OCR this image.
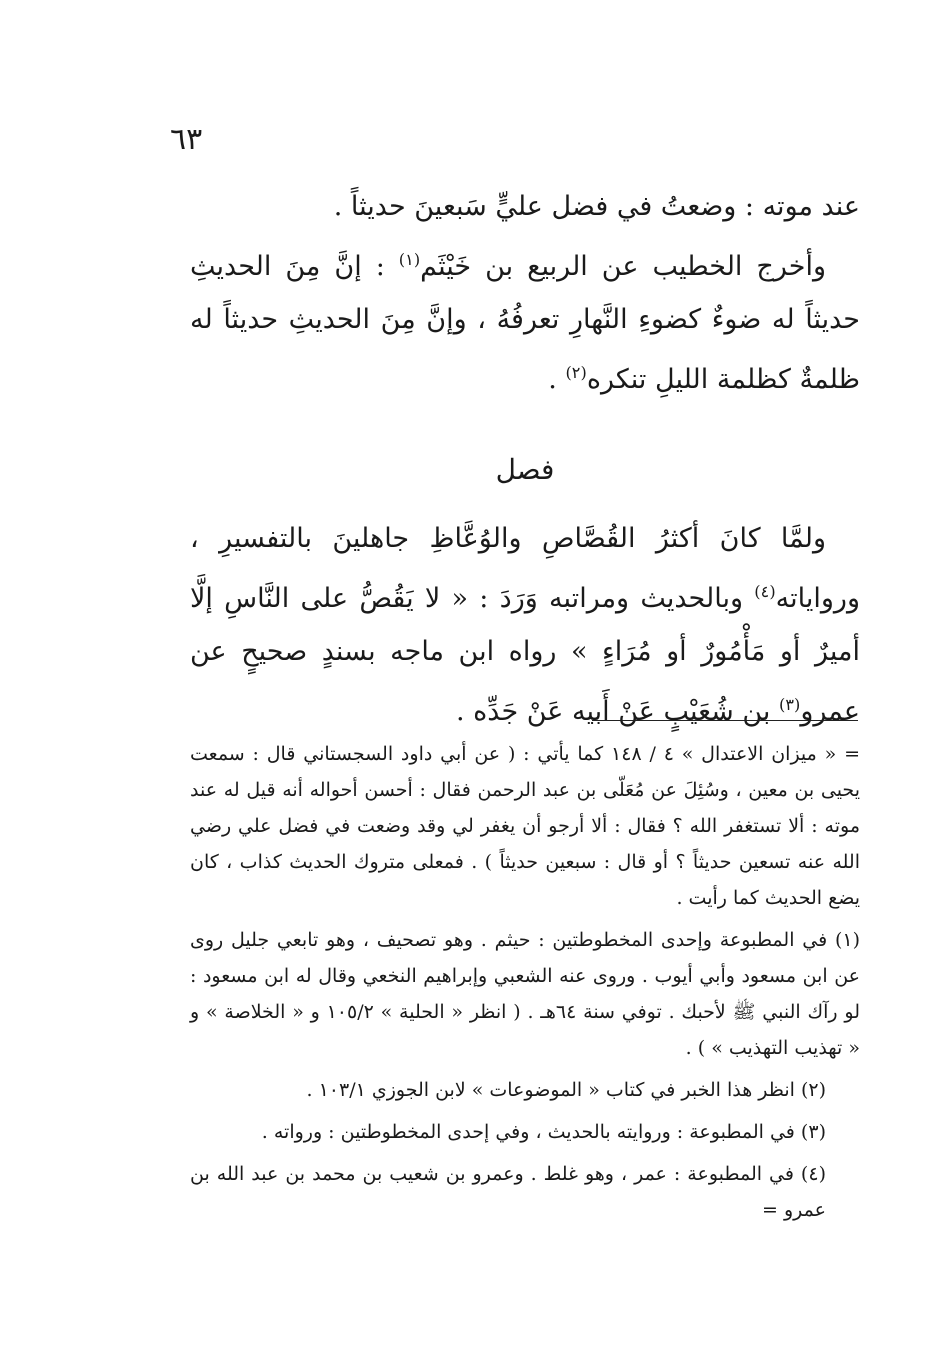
٦٣

عند موته : وضعتُ في فضل عليٍّ سَبعينَ حديثاً .

وأخرج الخطيب عن الربيع بن خَيْثَم$^{(١)}$ : إنَّ مِنَ الحديثِ حديثاً له ضوءٌ كضوءِ النَّهارِ تعرفُهُ ، وإنَّ مِنَ الحديثِ حديثاً له ظلمةٌ كظلمة الليلِ تنكره$^{(٢)}$ .

فصل

ولمَّا كانَ أكثرُ القُصَّاصِ والوُعَّاظِ جاهلينَ بالتفسيرِ ، ورواياته$^{(٤)}$ وبالحديث ومراتبه وَرَدَ : « لا يَقُصُّ على النَّاسِ إلَّا أميرٌ أو مَأْمُورٌ أو مُرَاءٍ » رواه ابن ماجه بسندٍ صحيحٍ عن عمرو$^{(٣)}$ بن شُعَيْبٍ عَنْ أَبيه عَنْ جَدِّه .

= « ميزان الاعتدال » ٤ / ١٤٨ كما يأتي : ( عن أبي داود السجستاني قال : سمعت يحيى بن معين ، وسُئِلَ عن مُعَلّى بن عبد الرحمن فقال : أحسن أحواله أنه قيل له عند موته : ألا تستغفر الله ؟ فقال : ألا أرجو أن يغفر لي وقد وضعت في فضل علي رضي الله عنه تسعين حديثاً ؟ أو قال : سبعين حديثاً ) . فمعلى متروك الحديث كذاب ، كان يضع الحديث كما رأيت .

(١) في المطبوعة وإحدى المخطوطتين : حيثم . وهو تصحيف ، وهو تابعي جليل روى عن ابن مسعود وأبي أيوب . وروى عنه الشعبي وإبراهيم النخعي وقال له ابن مسعود : لو رآك النبي ﷺ لأحبك . توفي سنة ٦٤هـ . ( انظر « الحلية » ١٠٥/٢ و « الخلاصة » و « تهذيب التهذيب » ) .

(٢) انظر هذا الخبر في كتاب « الموضوعات » لابن الجوزي ١٠٣/١ .

(٣) في المطبوعة : وروايته بالحديث ، وفي إحدى المخطوطتين : ورواته .

(٤) في المطبوعة : عمر ، وهو غلط . وعمرو بن شعيب بن محمد بن عبد الله بن عمرو =
